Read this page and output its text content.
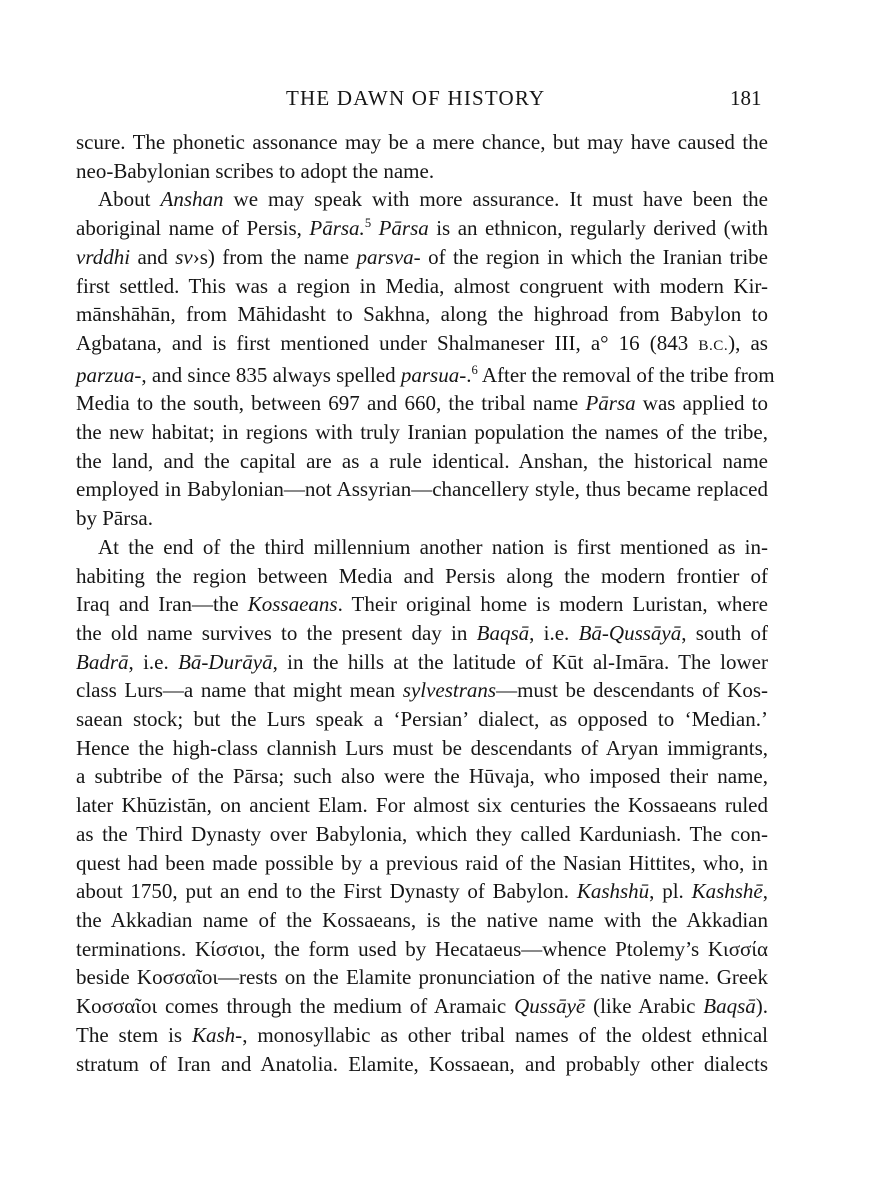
THE DAWN OF HISTORY	181
scure. The phonetic assonance may be a mere chance, but may have caused the
neo-Babylonian scribes to adopt the name.
About Anshan we may speak with more assurance. It must have been the
aboriginal name of Persis, Pārsa.$^5$ Pārsa is an ethnicon, regularly derived (with
vrddhi and sv›s) from the name parsva- of the region in which the Iranian tribe
first settled. This was a region in Media, almost congruent with modern Kir-
mānshāhān, from Māhidasht to Sakhna, along the highroad from Babylon to
Agbatana, and is first mentioned under Shalmaneser III, a° 16 (843 B.C.), as
parzua-, and since 835 always spelled parsua-.$^6$ After the removal of the tribe from
Media to the south, between 697 and 660, the tribal name Pārsa was applied to
the new habitat; in regions with truly Iranian population the names of the tribe,
the land, and the capital are as a rule identical. Anshan, the historical name
employed in Babylonian—not Assyrian—chancellery style, thus became replaced
by Pārsa.
At the end of the third millennium another nation is first mentioned as in-
habiting the region between Media and Persis along the modern frontier of
Iraq and Iran—the Kossaeans. Their original home is modern Luristan, where
the old name survives to the present day in Baqsā, i.e. Bā-Qussāyā, south of
Badrā, i.e. Bā-Durāyā, in the hills at the latitude of Kūt al-Imāra. The lower
class Lurs—a name that might mean sylvestrans—must be descendants of Kos-
saean stock; but the Lurs speak a ‘Persian’ dialect, as opposed to ‘Median.’
Hence the high-class clannish Lurs must be descendants of Aryan immigrants,
a subtribe of the Pārsa; such also were the Hūvaja, who imposed their name,
later Khūzistān, on ancient Elam. For almost six centuries the Kossaeans ruled
as the Third Dynasty over Babylonia, which they called Karduniash. The con-
quest had been made possible by a previous raid of the Nasian Hittites, who, in
about 1750, put an end to the First Dynasty of Babylon. Kashshū, pl. Kashshē,
the Akkadian name of the Kossaeans, is the native name with the Akkadian
terminations. Κίσσιοι, the form used by Hecataeus—whence Ptolemy’s Κισσία
beside Κοσσαῖοι—rests on the Elamite pronunciation of the native name. Greek
Κοσσαῖοι comes through the medium of Aramaic Qussāyē (like Arabic Baqsā).
The stem is Kash-, monosyllabic as other tribal names of the oldest ethnical
stratum of Iran and Anatolia. Elamite, Kossaean, and probably other dialects
